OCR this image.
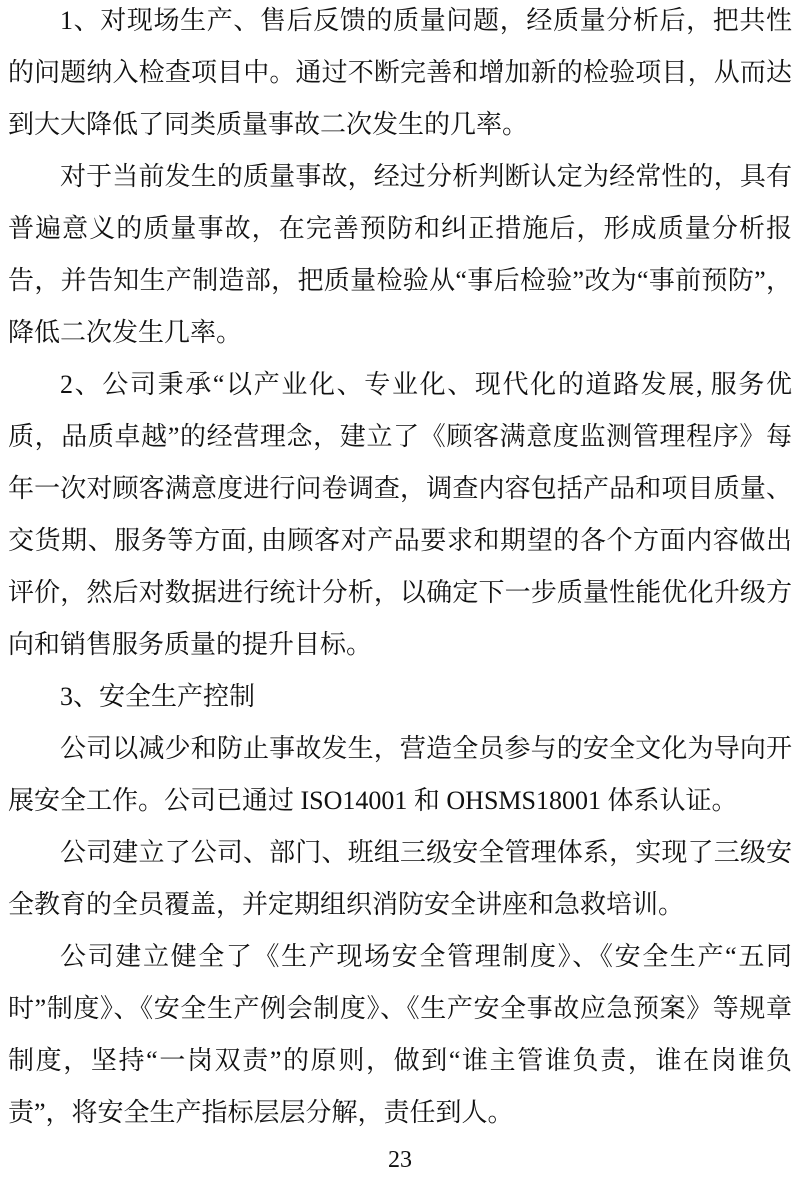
1、对现场生产、售后反馈的质量问题，经质量分析后，把共性的问题纳入检查项目中。通过不断完善和增加新的检验项目，从而达到大大降低了同类质量事故二次发生的几率。

对于当前发生的质量事故，经过分析判断认定为经常性的，具有普遍意义的质量事故，在完善预防和纠正措施后，形成质量分析报告，并告知生产制造部，把质量检验从“事后检验”改为“事前预防”，降低二次发生几率。

2、公司秉承“以产业化、专业化、现代化的道路发展, 服务优质，品质卓越”的经营理念，建立了《顾客满意度监测管理程序》每年一次对顾客满意度进行问卷调查，调查内容包括产品和项目质量、交货期、服务等方面, 由顾客对产品要求和期望的各个方面内容做出评价，然后对数据进行统计分析，以确定下一步质量性能优化升级方向和销售服务质量的提升目标。

3、安全生产控制

公司以减少和防止事故发生，营造全员参与的安全文化为导向开展安全工作。公司已通过 ISO14001 和 OHSMS18001 体系认证。

公司建立了公司、部门、班组三级安全管理体系，实现了三级安全教育的全员覆盖，并定期组织消防安全讲座和急救培训。

公司建立健全了《生产现场安全管理制度》、《安全生产“五同时”制度》、《安全生产例会制度》、《生产安全事故应急预案》等规章制度，坚持“一岗双责”的原则，做到“谁主管谁负责，谁在岗谁负责”，将安全生产指标层层分解，责任到人。

23
